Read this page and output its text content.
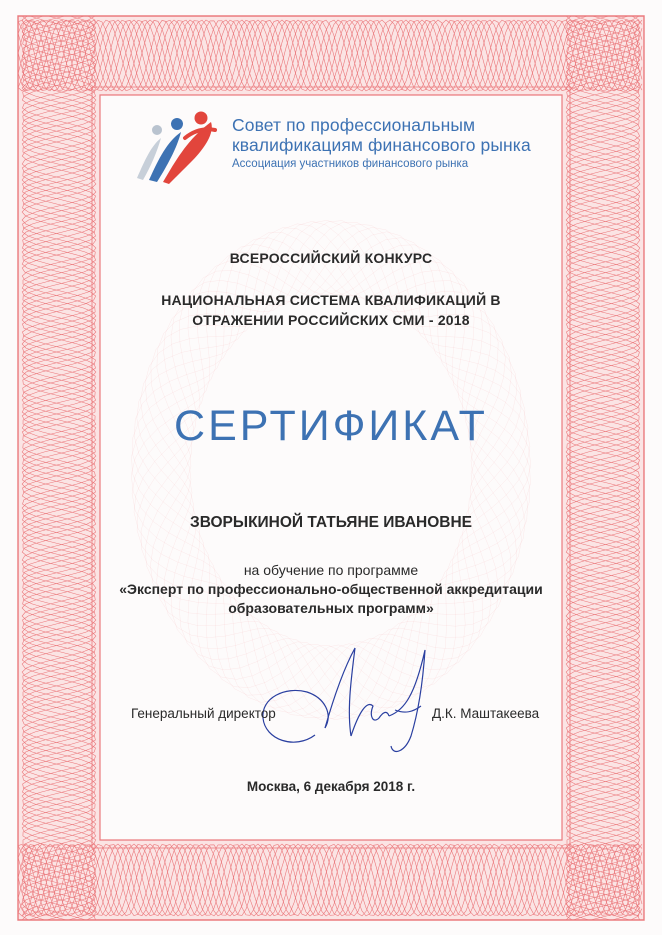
Совет по профессиональным
квалификациям финансового рынка
Ассоциация участников финансового рынка
ВСЕРОССИЙСКИЙ КОНКУРС
НАЦИОНАЛЬНАЯ СИСТЕМА КВАЛИФИКАЦИЙ В
ОТРАЖЕНИИ РОССИЙСКИХ СМИ - 2018
СЕРТИФИКАТ
ЗВОРЫКИНОЙ ТАТЬЯНЕ ИВАНОВНЕ
на обучение по программе
«Эксперт по профессионально-общественной аккредитации
образовательных программ»
Генеральный директор	Д.К. Маштакеева
Москва, 6 декабря 2018 г.
